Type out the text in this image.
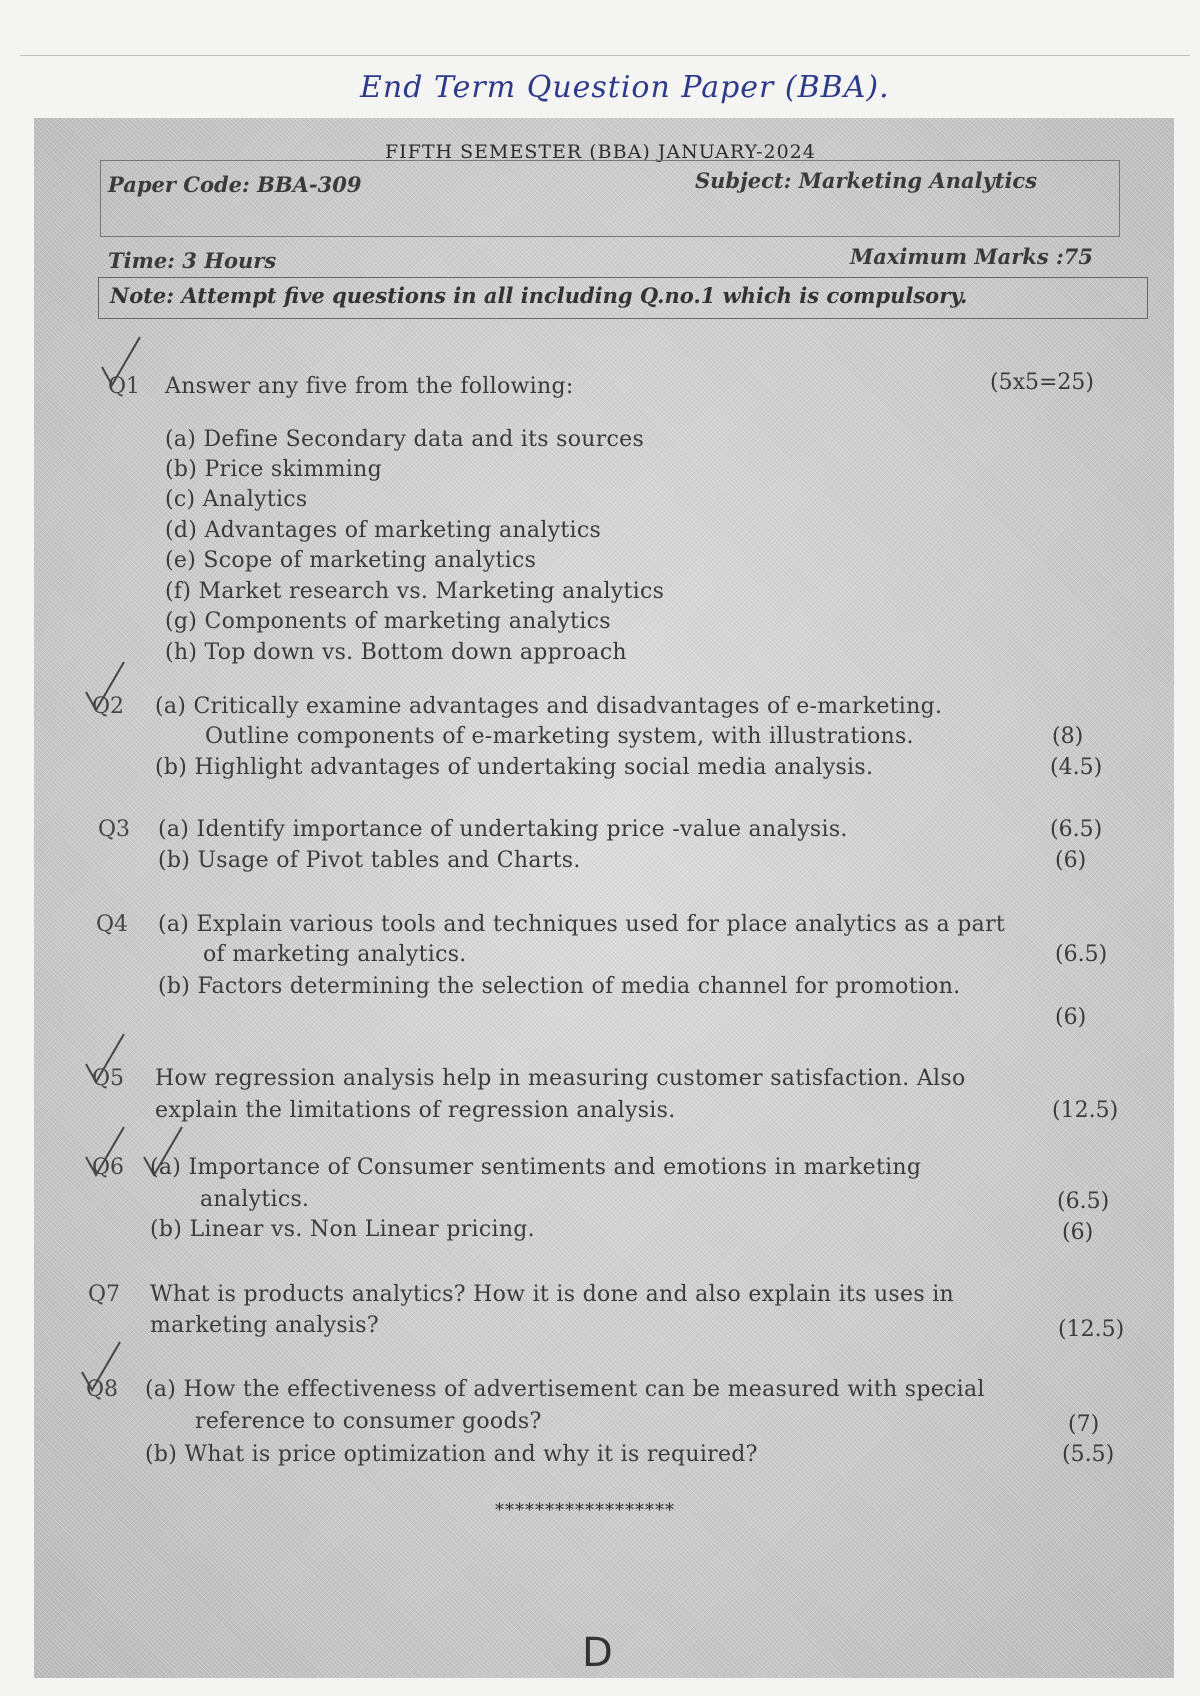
End Term Question Paper (BBA).
FIFTH SEMESTER (BBA) JANUARY-2024
Paper Code: BBA-309	Subject: Marketing Analytics
Time: 3 Hours	Maximum Marks :75
Note: Attempt five questions in all including Q.no.1 which is compulsory.
Q1 Answer any five from the following:	(5x5=25)
(a) Define Secondary data and its sources
(b) Price skimming
(c) Analytics
(d) Advantages of marketing analytics
(e) Scope of marketing analytics
(f) Market research vs. Marketing analytics
(g) Components of marketing analytics
(h) Top down vs. Bottom down approach
Q2 (a) Critically examine advantages and disadvantages of e-marketing.
Outline components of e-marketing system, with illustrations.	(8)
(b) Highlight advantages of undertaking social media analysis.	(4.5)
Q3 (a) Identify importance of undertaking price -value analysis.	(6.5)
(b) Usage of Pivot tables and Charts.	(6)
Q4 (a) Explain various tools and techniques used for place analytics as a part
of marketing analytics.	(6.5)
(b) Factors determining the selection of media channel for promotion.
(6)
Q5 How regression analysis help in measuring customer satisfaction. Also
explain the limitations of regression analysis.	(12.5)
Q6 (a) Importance of Consumer sentiments and emotions in marketing
analytics.	(6.5)
(b) Linear vs. Non Linear pricing.	(6)
Q7 What is products analytics? How it is done and also explain its uses in
marketing analysis?	(12.5)
Q8 (a) How the effectiveness of advertisement can be measured with special
reference to consumer goods?	(7)
(b) What is price optimization and why it is required?	(5.5)
******************
D
